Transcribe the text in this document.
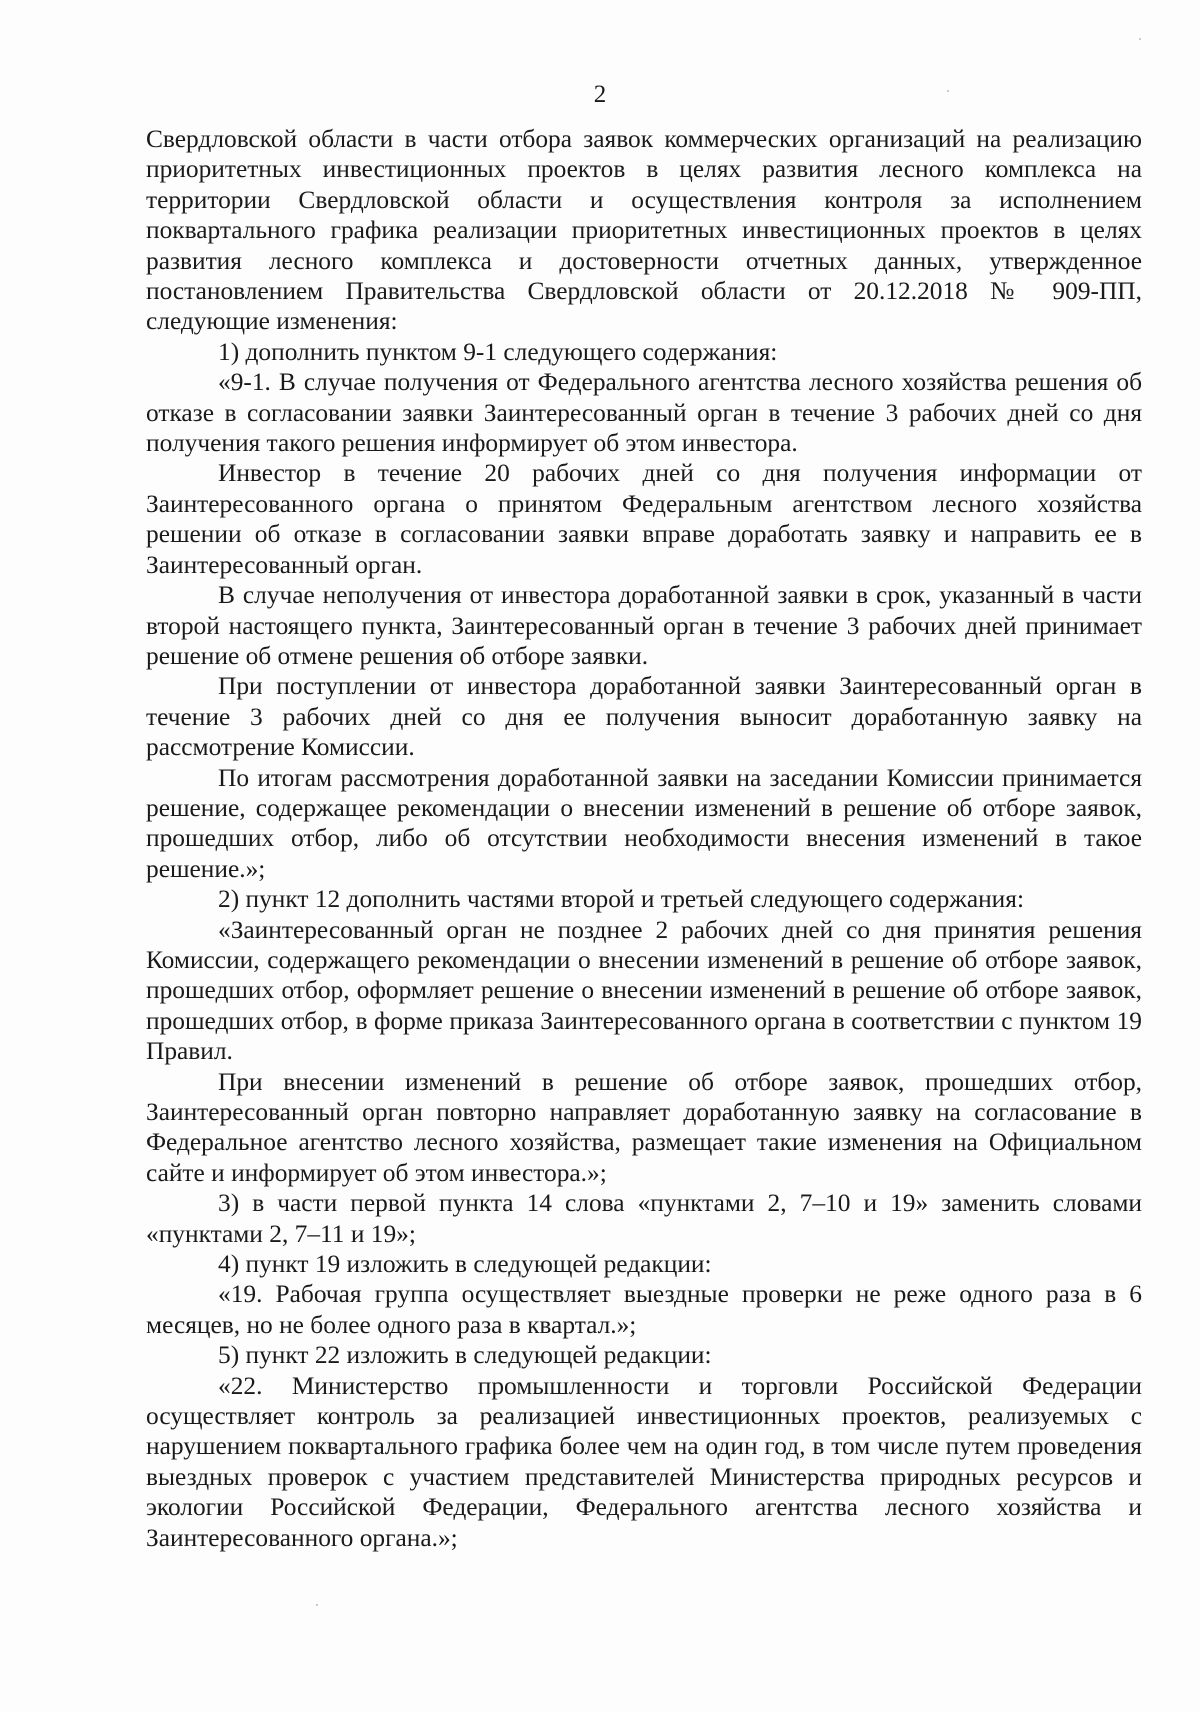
2

Свердловской области в части отбора заявок коммерческих организаций на реализацию приоритетных инвестиционных проектов в целях развития лесного комплекса на территории Свердловской области и осуществления контроля за исполнением поквартального графика реализации приоритетных инвестиционных проектов в целях развития лесного комплекса и достоверности отчетных данных, утвержденное постановлением Правительства Свердловской области от 20.12.2018 № 909-ПП, следующие изменения:

1) дополнить пунктом 9-1 следующего содержания:

«9-1. В случае получения от Федерального агентства лесного хозяйства решения об отказе в согласовании заявки Заинтересованный орган в течение 3 рабочих дней со дня получения такого решения информирует об этом инвестора.

Инвестор в течение 20 рабочих дней со дня получения информации от Заинтересованного органа о принятом Федеральным агентством лесного хозяйства решении об отказе в согласовании заявки вправе доработать заявку и направить ее в Заинтересованный орган.

В случае неполучения от инвестора доработанной заявки в срок, указанный в части второй настоящего пункта, Заинтересованный орган в течение 3 рабочих дней принимает решение об отмене решения об отборе заявки.

При поступлении от инвестора доработанной заявки Заинтересованный орган в течение 3 рабочих дней со дня ее получения выносит доработанную заявку на рассмотрение Комиссии.

По итогам рассмотрения доработанной заявки на заседании Комиссии принимается решение, содержащее рекомендации о внесении изменений в решение об отборе заявок, прошедших отбор, либо об отсутствии необходимости внесения изменений в такое решение.»;

2) пункт 12 дополнить частями второй и третьей следующего содержания:

«Заинтересованный орган не позднее 2 рабочих дней со дня принятия решения Комиссии, содержащего рекомендации о внесении изменений в решение об отборе заявок, прошедших отбор, оформляет решение о внесении изменений в решение об отборе заявок, прошедших отбор, в форме приказа Заинтересованного органа в соответствии с пунктом 19 Правил.

При внесении изменений в решение об отборе заявок, прошедших отбор, Заинтересованный орган повторно направляет доработанную заявку на согласование в Федеральное агентство лесного хозяйства, размещает такие изменения на Официальном сайте и информирует об этом инвестора.»;

3) в части первой пункта 14 слова «пунктами 2, 7–10 и 19» заменить словами «пунктами 2, 7–11 и 19»;

4) пункт 19 изложить в следующей редакции:

«19. Рабочая группа осуществляет выездные проверки не реже одного раза в 6 месяцев, но не более одного раза в квартал.»;

5) пункт 22 изложить в следующей редакции:

«22. Министерство промышленности и торговли Российской Федерации осуществляет контроль за реализацией инвестиционных проектов, реализуемых с нарушением поквартального графика более чем на один год, в том числе путем проведения выездных проверок с участием представителей Министерства природных ресурсов и экологии Российской Федерации, Федерального агентства лесного хозяйства и Заинтересованного органа.»;
